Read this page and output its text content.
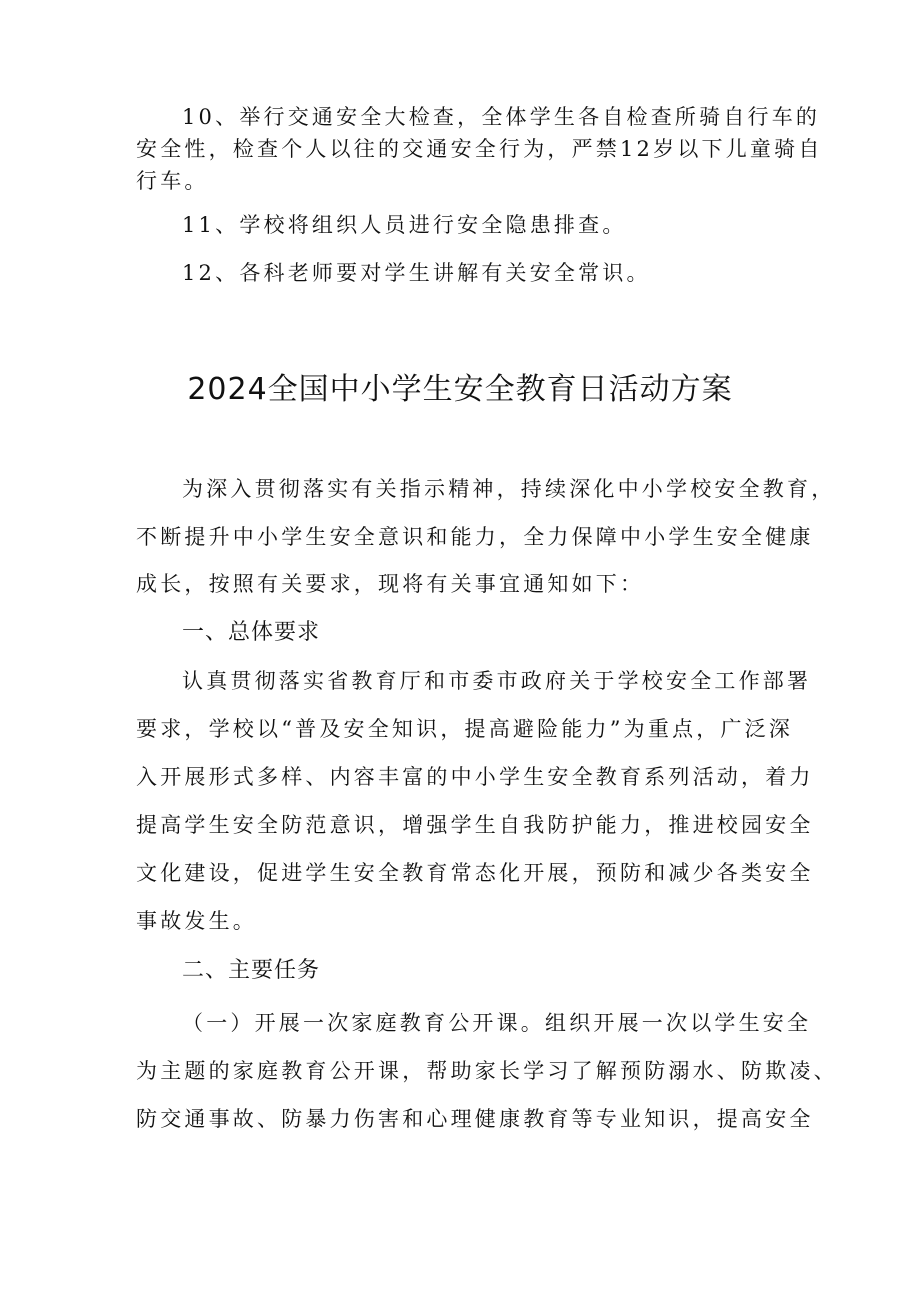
10、举行交通安全大检查，全体学生各自检查所骑自行车的
安全性，检查个人以往的交通安全行为，严禁12岁以下儿童骑自
行车。
11、学校将组织人员进行安全隐患排查。
12、各科老师要对学生讲解有关安全常识。
2024全国中小学生安全教育日活动方案
为深入贯彻落实有关指示精神，持续深化中小学校安全教育，
不断提升中小学生安全意识和能力，全力保障中小学生安全健康
成长，按照有关要求，现将有关事宜通知如下：
一、总体要求
认真贯彻落实省教育厅和市委市政府关于学校安全工作部署
要求，学校以“普及安全知识，提高避险能力”为重点，广泛深
入开展形式多样、内容丰富的中小学生安全教育系列活动，着力
提高学生安全防范意识，增强学生自我防护能力，推进校园安全
文化建设，促进学生安全教育常态化开展，预防和减少各类安全
事故发生。
二、主要任务
（一）开展一次家庭教育公开课。组织开展一次以学生安全
为主题的家庭教育公开课，帮助家长学习了解预防溺水、防欺凌、
防交通事故、防暴力伤害和心理健康教育等专业知识，提高安全
